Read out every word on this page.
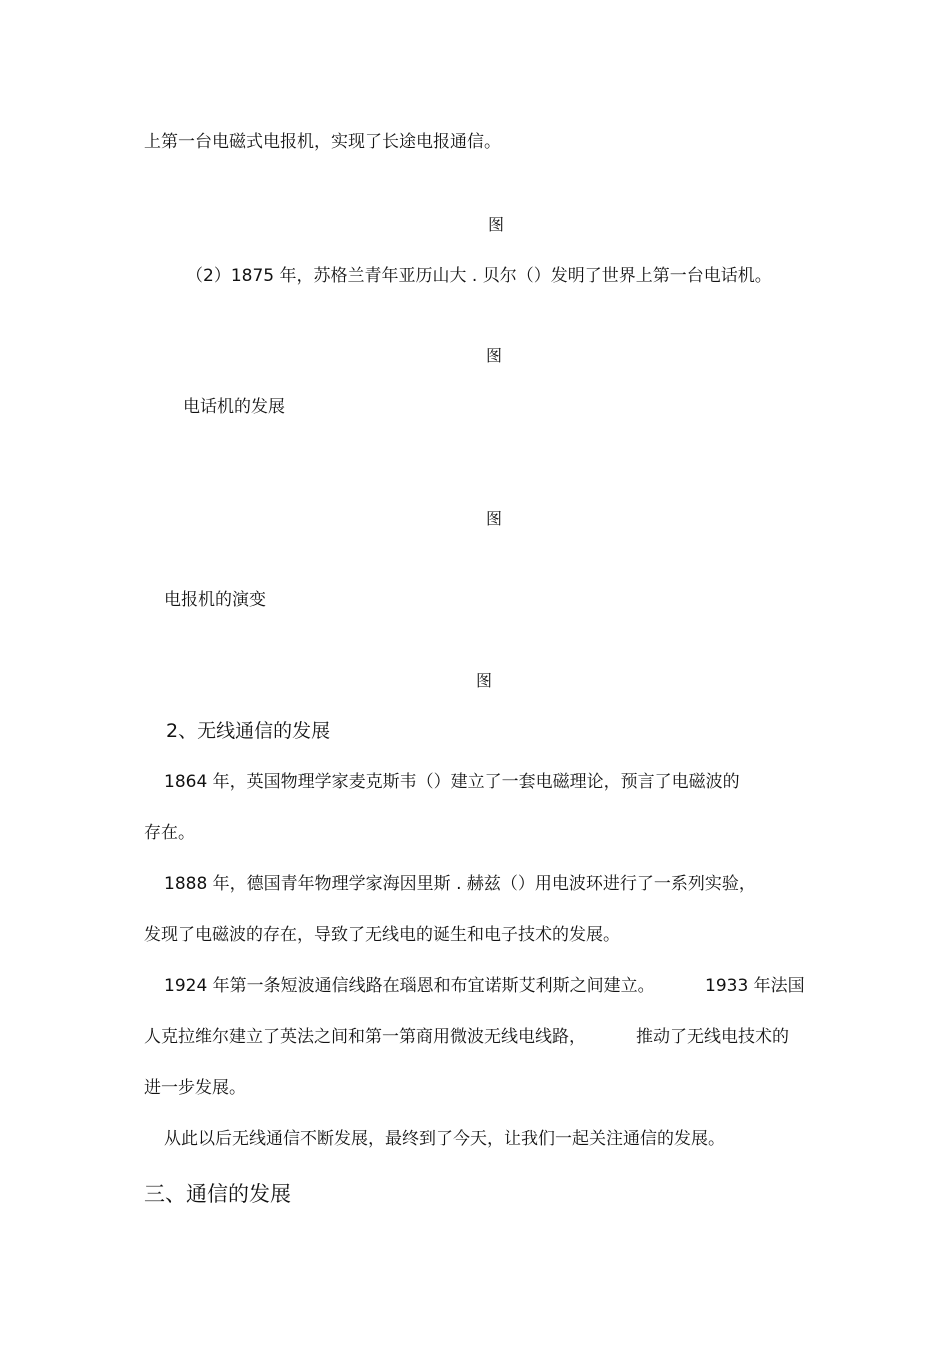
上第一台电磁式电报机，实现了长途电报通信。
图
（2）1875 年，苏格兰青年亚历山大 . 贝尔（）发明了世界上第一台电话机。
图
电话机的发展
图
电报机的演变
图
2、无线通信的发展
1864 年，英国物理学家麦克斯韦（）建立了一套电磁理论，预言了电磁波的
存在。
1888 年，德国青年物理学家海因里斯 . 赫兹（）用电波环进行了一系列实验，
发现了电磁波的存在，导致了无线电的诞生和电子技术的发展。
1924 年第一条短波通信线路在瑙恩和布宜诺斯艾利斯之间建立。	1933 年法国
人克拉维尔建立了英法之间和第一第商用微波无线电线路，	推动了无线电技术的
进一步发展。
从此以后无线通信不断发展，最终到了今天，让我们一起关注通信的发展。
三、通信的发展
